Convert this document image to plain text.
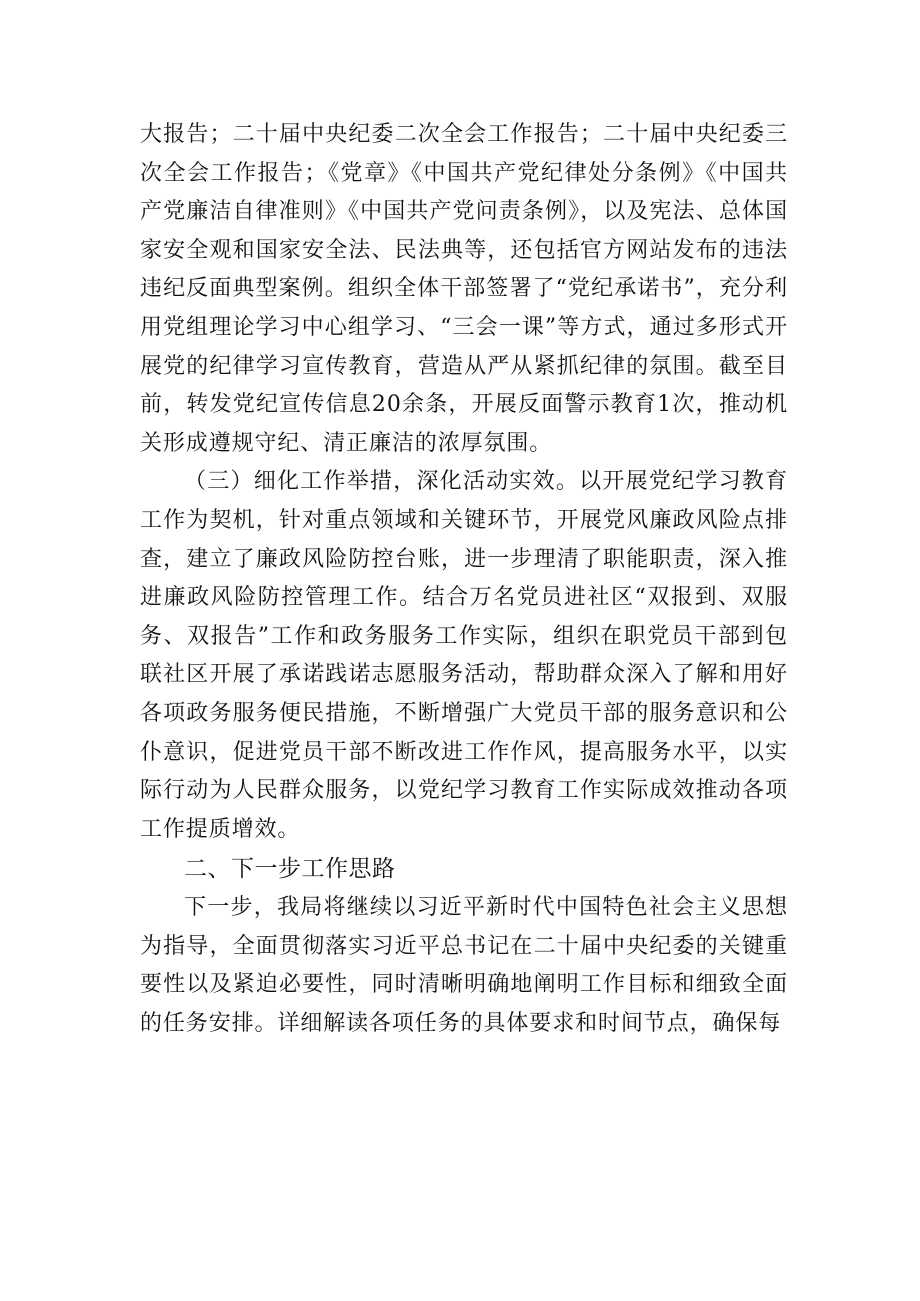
大报告；二十届中央纪委二次全会工作报告；二十届中央纪委三次全会工作报告；《党章》《中国共产党纪律处分条例》《中国共产党廉洁自律准则》《中国共产党问责条例》，以及宪法、总体国家安全观和国家安全法、民法典等，还包括官方网站发布的违法违纪反面典型案例。组织全体干部签署了“党纪承诺书”，充分利用党组理论学习中心组学习、“三会一课”等方式，通过多形式开展党的纪律学习宣传教育，营造从严从紧抓纪律的氛围。截至目前，转发党纪宣传信息20余条，开展反面警示教育1次，推动机关形成遵规守纪、清正廉洁的浓厚氛围。

（三）细化工作举措，深化活动实效。以开展党纪学习教育工作为契机，针对重点领域和关键环节，开展党风廉政风险点排查，建立了廉政风险防控台账，进一步理清了职能职责，深入推进廉政风险防控管理工作。结合万名党员进社区“双报到、双服务、双报告”工作和政务服务工作实际，组织在职党员干部到包联社区开展了承诺践诺志愿服务活动，帮助群众深入了解和用好各项政务服务便民措施，不断增强广大党员干部的服务意识和公仆意识，促进党员干部不断改进工作作风，提高服务水平，以实际行动为人民群众服务，以党纪学习教育工作实际成效推动各项工作提质增效。

二、下一步工作思路

下一步，我局将继续以习近平新时代中国特色社会主义思想为指导，全面贯彻落实习近平总书记在二十届中央纪委的关键重要性以及紧迫必要性，同时清晰明确地阐明工作目标和细致全面的任务安排。详细解读各项任务的具体要求和时间节点，确保每
